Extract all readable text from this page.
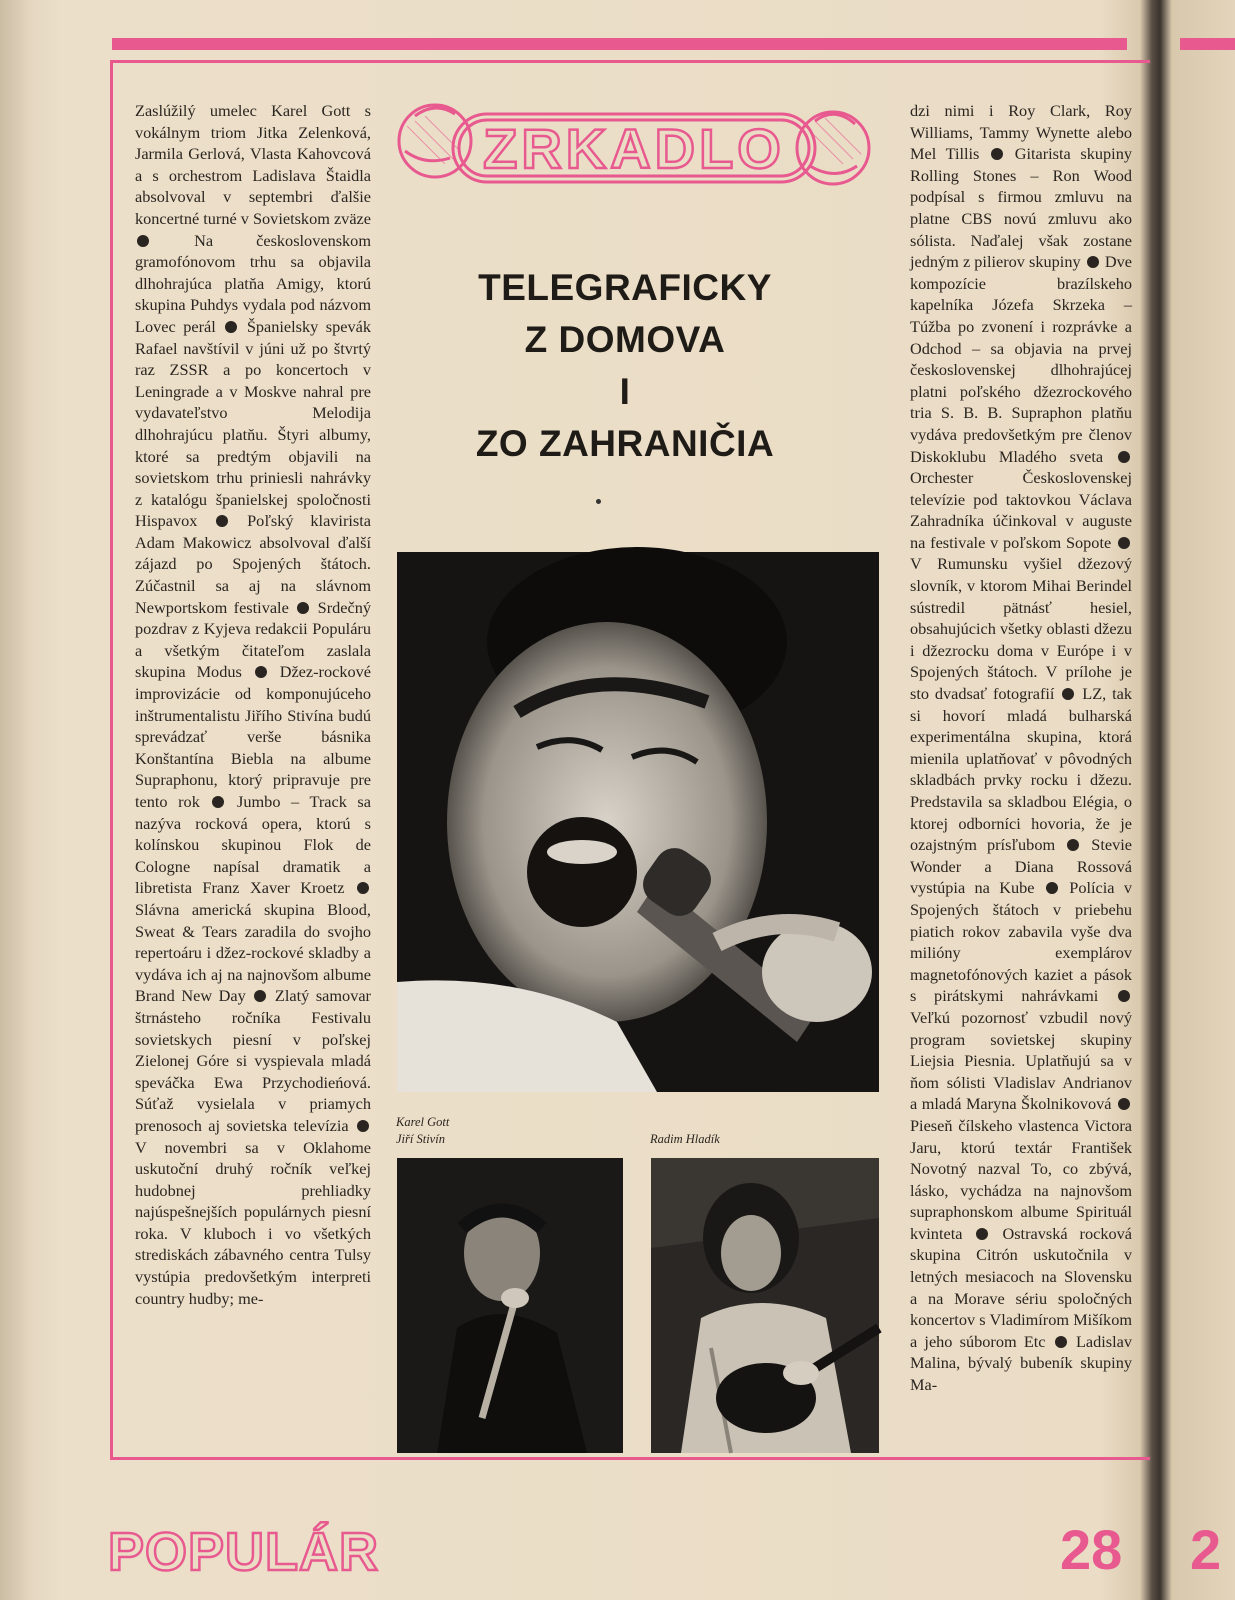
ZRKADLO
TELEGRAFICKY
Z DOMOVA
I
ZO ZAHRANIČIA

Zaslúžilý umelec Karel Gott s vokálnym triom Jitka Zelenková, Jarmila Gerlová, Vlasta Kahovcová a s orchestrom Ladislava Štaidla absolvoval v septembri ďalšie koncertné turné v Sovietskom zväze  Na československom gramofónovom trhu sa objavila dlhohrajúca platňa Amigy, ktorú skupina Puhdys vydala pod názvom Lovec perál Španielsky spevák Rafael navštívil v júni už po štvrtý raz ZSSR a po koncertoch v Leningrade a v Moskve nahral pre vydavateľstvo Melodija dlhohrajúcu platňu. Štyri albumy, ktoré sa predtým objavili na sovietskom trhu priniesli nahrávky z katalógu španielskej spoločnosti Hispavox	Poľský klavirista Adam Makowicz absolvoval ďalší zájazd po Spojených štátoch. Zúčastnil sa aj na slávnom Newportskom festivale Srdečný pozdrav z Kyjeva redakcii Populáru a všetkým čitateľom zaslala skupina Modus Džez-rockové improvizácie od komponujúceho inštrumentalistu Jiřího Stivína budú sprevádzať verše básnika Konštantína Biebla na albume Supraphonu, ktorý pripravuje pre tento rok Jumbo – Track sa nazýva rocková opera, ktorú s kolínskou skupinou Flok de Cologne napísal dramatik a libretista Franz Xaver Kroetz  Slávna americká skupina Blood, Sweat & Tears zaradila do svojho repertoáru i džez-rockové skladby a vydáva ich aj na najnovšom albume Brand New Day Zlatý samovar štrnásteho ročníka Festivalu sovietskych piesní v poľskej Zielonej Góre si vyspievala mladá speváčka Ewa Przychodieńová. Súťaž vysielala v priamych prenosoch aj sovietska televízia  V novembri sa v Oklahome uskutoční druhý ročník veľkej hudobnej prehliadky najúspešnejších populárnych piesní roka. V kluboch i vo všetkých strediskách zábavného centra Tulsy vystúpia predovšetkým interpreti country hudby; me-

dzi nimi i Roy Clark, Roy Williams, Tammy Wynette alebo Mel Tillis Gitarista skupiny Rolling Stones – Ron Wood podpísal s firmou zmluvu na platne CBS novú zmluvu ako sólista. Naďalej však zostane jedným z pilierov skupiny Dve kompozície brazílskeho kapelníka Józefa Skrzeka – Túžba po zvonení i rozprávke a Odchod – sa objavia na prvej československej dlhohrajúcej platni poľského džezrockového tria S. B. B. Supraphon platňu vydáva predovšetkým pre členov Diskoklubu Mladého sveta  Orchester Československej televízie pod taktovkou Václava Zahradníka účinkoval v auguste na festivale v poľskom Sopote  V Rumunsku vyšiel džezový slovník, v ktorom Mihai Berindel sústredil pätnásť hesiel, obsahujúcich všetky oblasti džezu i džezrocku doma v Európe i v Spojených štátoch. V prílohe je sto dvadsať fotografií LZ, tak si hovorí mladá bulharská experimentálna skupina, ktorá mienila uplatňovať v pôvodných skladbách prvky rocku i džezu. Predstavila sa skladbou Elégia, o ktorej odborníci hovoria, že je ozajstným prísľubom Stevie Wonder a Diana Rossová vystúpia na Kube Polícia v Spojených štátoch v priebehu piatich rokov zabavila vyše dva milióny exemplárov magnetofónových kaziet a pások s pirátskymi nahrávkami  Veľkú pozornosť vzbudil nový program sovietskej skupiny Liejsia Piesnia. Uplatňujú sa v ňom sólisti Vladislav Andrianov a mladá Maryna Školnikovová  Pieseň čílskeho vlastenca Victora Jaru, ktorú textár František Novotný nazval To, co zbývá, lásko, vychádza na najnovšom supraphonskom albume Spirituál kvinteta Ostravská rocková skupina Citrón uskutočnila v letných mesiacoch na Slovensku a na Morave sériu spoločných koncertov s Vladimírom Mišíkom a jeho súborom Etc Ladislav Malina, bývalý bubeník skupiny Ma-

Karel Gott
Jiří Stivín	Radim Hladík
POPULÁR	28 2
